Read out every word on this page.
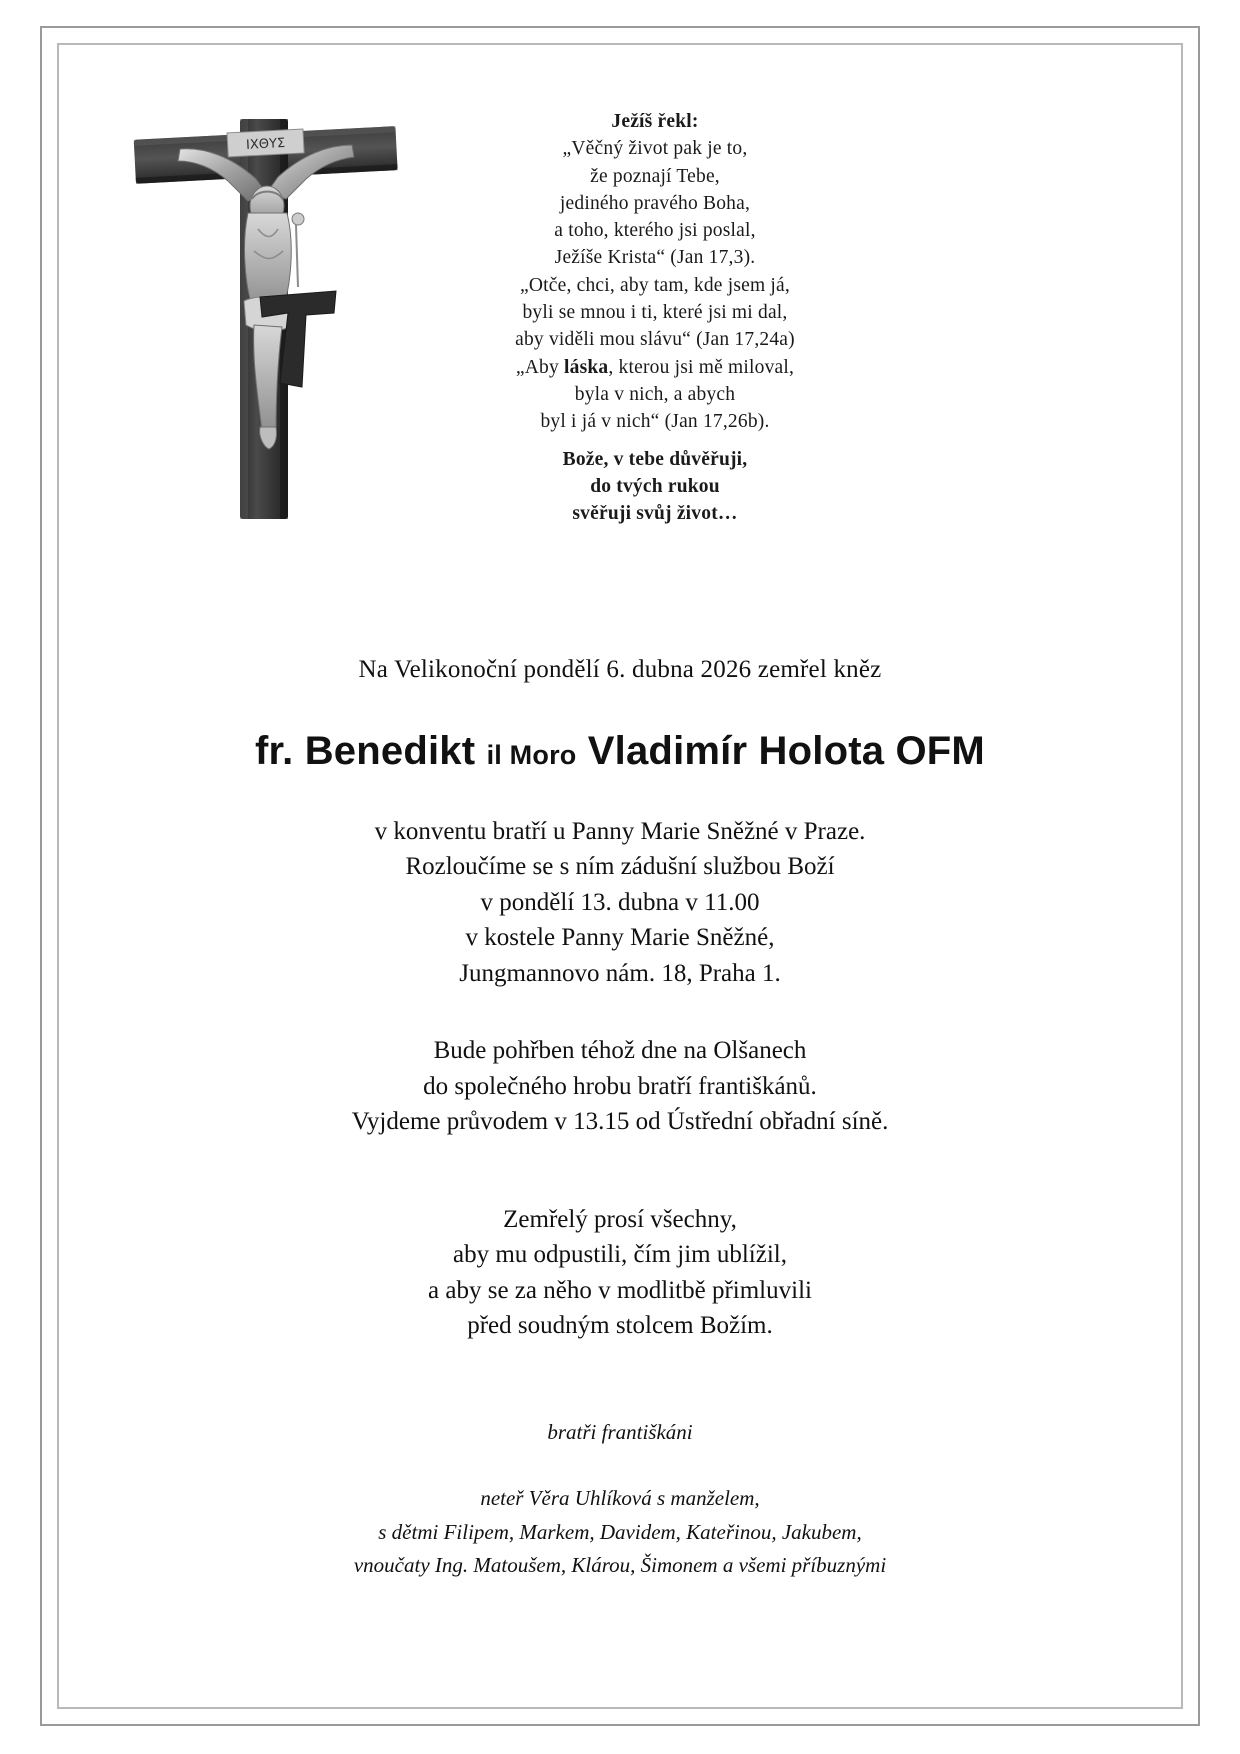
IXΘYΣ
Ježíš řekl:
„Věčný život pak je to,
že poznají Tebe,
jediného pravého Boha,
a toho, kterého jsi poslal,
Ježíše Krista“ (Jan 17,3).
„Otče, chci, aby tam, kde jsem já,
byli se mnou i ti, které jsi mi dal,
aby viděli mou slávu“ (Jan 17,24a)
„Aby láska, kterou jsi mě miloval,
byla v nich, a abych
byl i já v nich“ (Jan 17,26b).
Bože, v tebe důvěřuji,
do tvých rukou
svěřuji svůj život…
Na Velikonoční pondělí 6. dubna 2026 zemřel kněz
fr. Benedikt il Moro Vladimír Holota OFM
v konventu bratří u Panny Marie Sněžné v Praze.
Rozloučíme se s ním zádušní službou Boží
v pondělí 13. dubna v 11.00
v kostele Panny Marie Sněžné,
Jungmannovo nám. 18, Praha 1.
Bude pohřben téhož dne na Olšanech
do společného hrobu bratří františkánů.
Vyjdeme průvodem v 13.15 od Ústřední obřadní síně.
Zemřelý prosí všechny,
aby mu odpustili, čím jim ublížil,
a aby se za něho v modlitbě přimluvili
před soudným stolcem Božím.
bratři františkáni
neteř Věra Uhlíková s manželem,
s dětmi Filipem, Markem, Davidem, Kateřinou, Jakubem,
vnoučaty Ing. Matoušem, Klárou, Šimonem a všemi příbuznými
